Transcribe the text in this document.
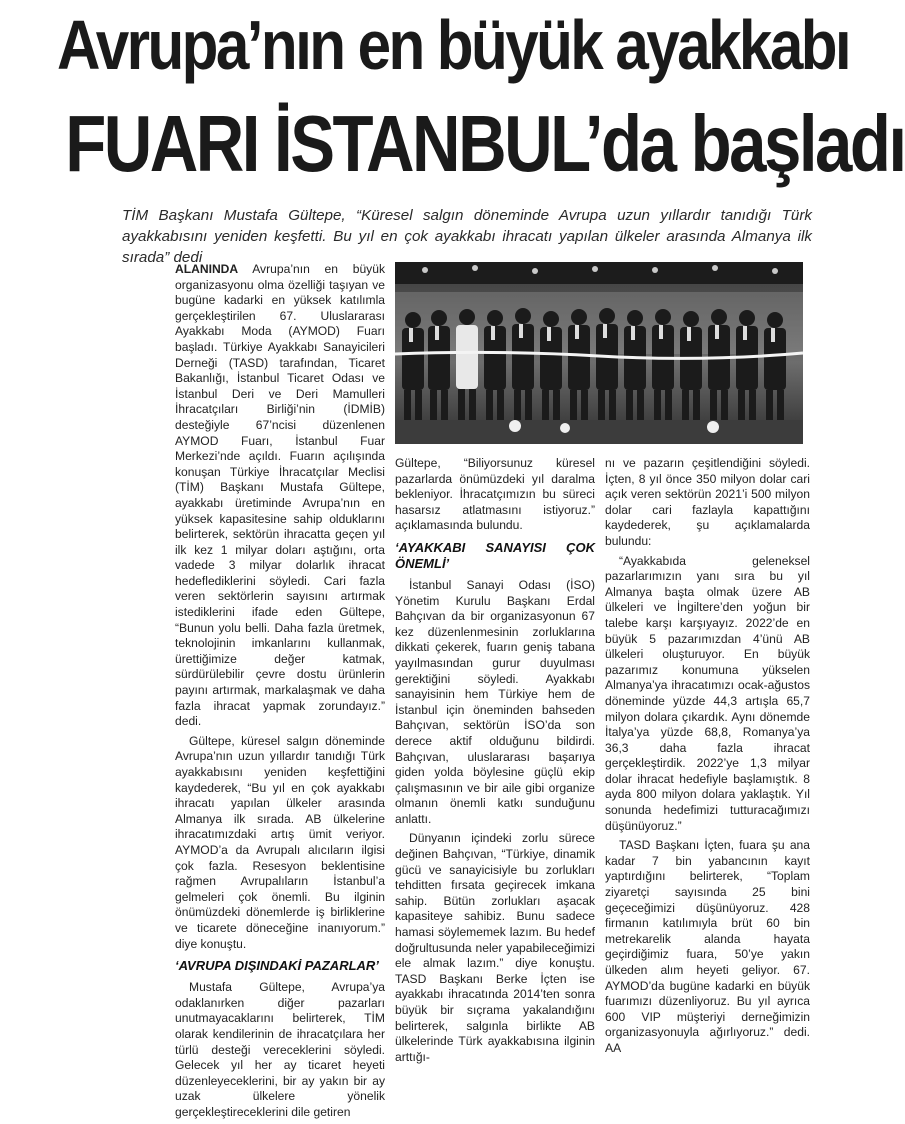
Avrupa’nın en büyük ayakkabı
FUARI İSTANBUL’da başladı
TİM Başkanı Mustafa Gültepe, “Küresel salgın döneminde Avrupa uzun yıllardır tanıdığı Türk ayakkabısını yeniden keşfetti. Bu yıl en çok ayakkabı ihracatı yapılan ülkeler arasında Almanya ilk sırada” dedi

ALANINDA Avrupa’nın en büyük organizasyonu olma özelliği taşıyan ve bugüne kadarki en yüksek katılımla gerçekleştirilen 67. Uluslararası Ayakkabı Moda (AYMOD) Fuarı başladı. Türkiye Ayakkabı Sanayicileri Derneği (TASD) tarafından, Ticaret Bakanlığı, İstanbul Ticaret Odası ve İstanbul Deri ve Deri Mamulleri İhracatçıları Birliği’nin (İDMİB) desteğiyle 67’ncisi düzenlenen AYMOD Fuarı, İstanbul Fuar Merkezi’nde açıldı. Fuarın açılışında konuşan Türkiye İhracatçılar Meclisi (TİM) Başkanı Mustafa Gültepe, ayakkabı üretiminde Avrupa’nın en yüksek kapasitesine sahip olduklarını belirterek, sektörün ihracatta geçen yıl ilk kez 1 milyar doları aştığını, orta vadede 3 milyar dolarlık ihracat hedeflediklerini söyledi. Cari fazla veren sektörlerin sayısını artırmak istediklerini ifade eden Gültepe, “Bunun yolu belli. Daha fazla üretmek, teknolojinin imkanlarını kullanmak, ürettiğimize değer katmak, sürdürülebilir çevre dostu ürünlerin payını artırmak, markalaşmak ve daha fazla ihracat yapmak zorundayız.” dedi.

Gültepe, küresel salgın döneminde Avrupa’nın uzun yıllardır tanıdığı Türk ayakkabısını yeniden keşfettiğini kaydederek, “Bu yıl en çok ayakkabı ihracatı yapılan ülkeler arasında Almanya ilk sırada. AB ülkelerine ihracatımızdaki artış ümit veriyor. AYMOD’a da Avrupalı alıcıların ilgisi çok fazla. Resesyon beklentisine rağmen Avrupalıların İstanbul’a gelmeleri çok önemli. Bu ilginin önümüzdeki dönemlerde iş birliklerine ve ticarete döneceğine inanıyorum.” diye konuştu.

‘AVRUPA DIŞINDAKİ PAZARLAR’

Mustafa Gültepe, Avrupa’ya odaklanırken diğer pazarları unutmayacaklarını belirterek, TİM olarak kendilerinin de ihracatçılara her türlü desteği vereceklerini söyledi. Gelecek yıl her ay ticaret heyeti düzenleyeceklerini, bir ay yakın bir ay uzak ülkelere yönelik gerçekleştireceklerini dile getiren

Gültepe, “Biliyorsunuz küresel pazarlarda önümüzdeki yıl daralma bekleniyor. İhracatçımızın bu süreci hasarsız atlatmasını istiyoruz.” açıklamasında bulundu.

‘AYAKKABI SANAYISI ÇOK ÖNEMLİ’

İstanbul Sanayi Odası (İSO) Yönetim Kurulu Başkanı Erdal Bahçıvan da bir organizasyonun 67 kez düzenlenmesinin zorluklarına dikkati çekerek, fuarın geniş tabana yayılmasından gurur duyulması gerektiğini söyledi. Ayakkabı sanayisinin hem Türkiye hem de İstanbul için öneminden bahseden Bahçıvan, sektörün İSO’da son derece aktif olduğunu bildirdi. Bahçıvan, uluslararası başarıya giden yolda böylesine güçlü ekip çalışmasının ve bir aile gibi organize olmanın önemli katkı sunduğunu anlattı.

Dünyanın içindeki zorlu sürece değinen Bahçıvan, “Türkiye, dinamik gücü ve sanayicisiyle bu zorlukları tehditten fırsata geçirecek imkana sahip. Bütün zorlukları aşacak kapasiteye sahibiz. Bunu sadece hamasi söylememek lazım. Bu hedef doğrultusunda neler yapabileceğimizi ele almak lazım.” diye konuştu. TASD Başkanı Berke İçten ise ayakkabı ihracatında 2014’ten sonra büyük bir sıçrama yakalandığını belirterek, salgınla birlikte AB ülkelerinde Türk ayakkabısına ilginin arttığı-

nı ve pazarın çeşitlendiğini söyledi. İçten, 8 yıl önce 350 milyon dolar cari açık veren sektörün 2021’i 500 milyon dolar cari fazlayla kapattığını kaydederek, şu açıklamalarda bulundu:

“Ayakkabıda geleneksel pazarlarımızın yanı sıra bu yıl Almanya başta olmak üzere AB ülkeleri ve İngiltere’den yoğun bir talebe karşı karşıyayız. 2022’de en büyük 5 pazarımızdan 4’ünü AB ülkeleri oluşturuyor. En büyük pazarımız konumuna yükselen Almanya’ya ihracatımızı ocak-ağustos döneminde yüzde 44,3 artışla 65,7 milyon dolara çıkardık. Aynı dönemde İtalya’ya yüzde 68,8, Romanya’ya 36,3 daha fazla ihracat gerçekleştirdik. 2022’ye 1,3 milyar dolar ihracat hedefiyle başlamıştık. 8 ayda 800 milyon dolara yaklaştık. Yıl sonunda hedefimizi tutturacağımızı düşünüyoruz.”

TASD Başkanı İçten, fuara şu ana kadar 7 bin yabancının kayıt yaptırdığını belirterek, “Toplam ziyaretçi sayısında 25 bini geçeceğimizi düşünüyoruz. 428 firmanın katılımıyla brüt 60 bin metrekarelik alanda hayata geçirdiğimiz fuara, 50’ye yakın ülkeden alım heyeti geliyor. 67. AYMOD’da bugüne kadarki en büyük fuarımızı düzenliyoruz. Bu yıl ayrıca 600 VIP müşteriyi derneğimizin organizasyonuyla ağırlıyoruz.” dedi. AA
